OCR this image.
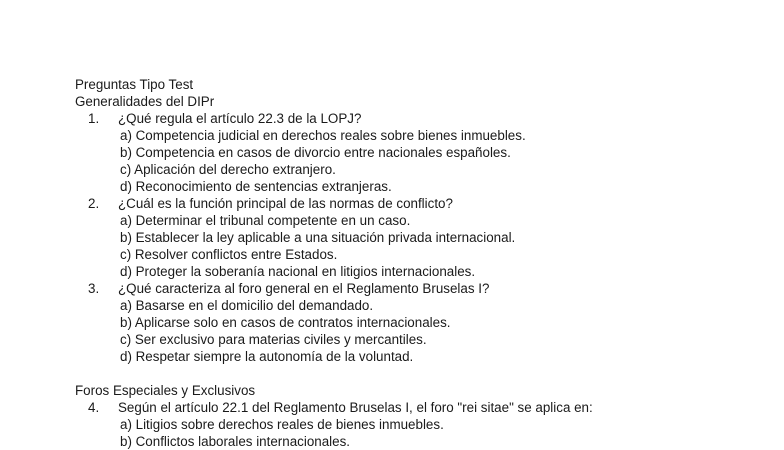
Preguntas Tipo Test
Generalidades del DIPr
1. ¿Qué regula el artículo 22.3 de la LOPJ?
a) Competencia judicial en derechos reales sobre bienes inmuebles.
b) Competencia en casos de divorcio entre nacionales españoles.
c) Aplicación del derecho extranjero.
d) Reconocimiento de sentencias extranjeras.
2. ¿Cuál es la función principal de las normas de conflicto?
a) Determinar el tribunal competente en un caso.
b) Establecer la ley aplicable a una situación privada internacional.
c) Resolver conflictos entre Estados.
d) Proteger la soberanía nacional en litigios internacionales.
3. ¿Qué caracteriza al foro general en el Reglamento Bruselas I?
a) Basarse en el domicilio del demandado.
b) Aplicarse solo en casos de contratos internacionales.
c) Ser exclusivo para materias civiles y mercantiles.
d) Respetar siempre la autonomía de la voluntad.
Foros Especiales y Exclusivos
4. Según el artículo 22.1 del Reglamento Bruselas I, el foro "rei sitae" se aplica en:
a) Litigios sobre derechos reales de bienes inmuebles.
b) Conflictos laborales internacionales.
